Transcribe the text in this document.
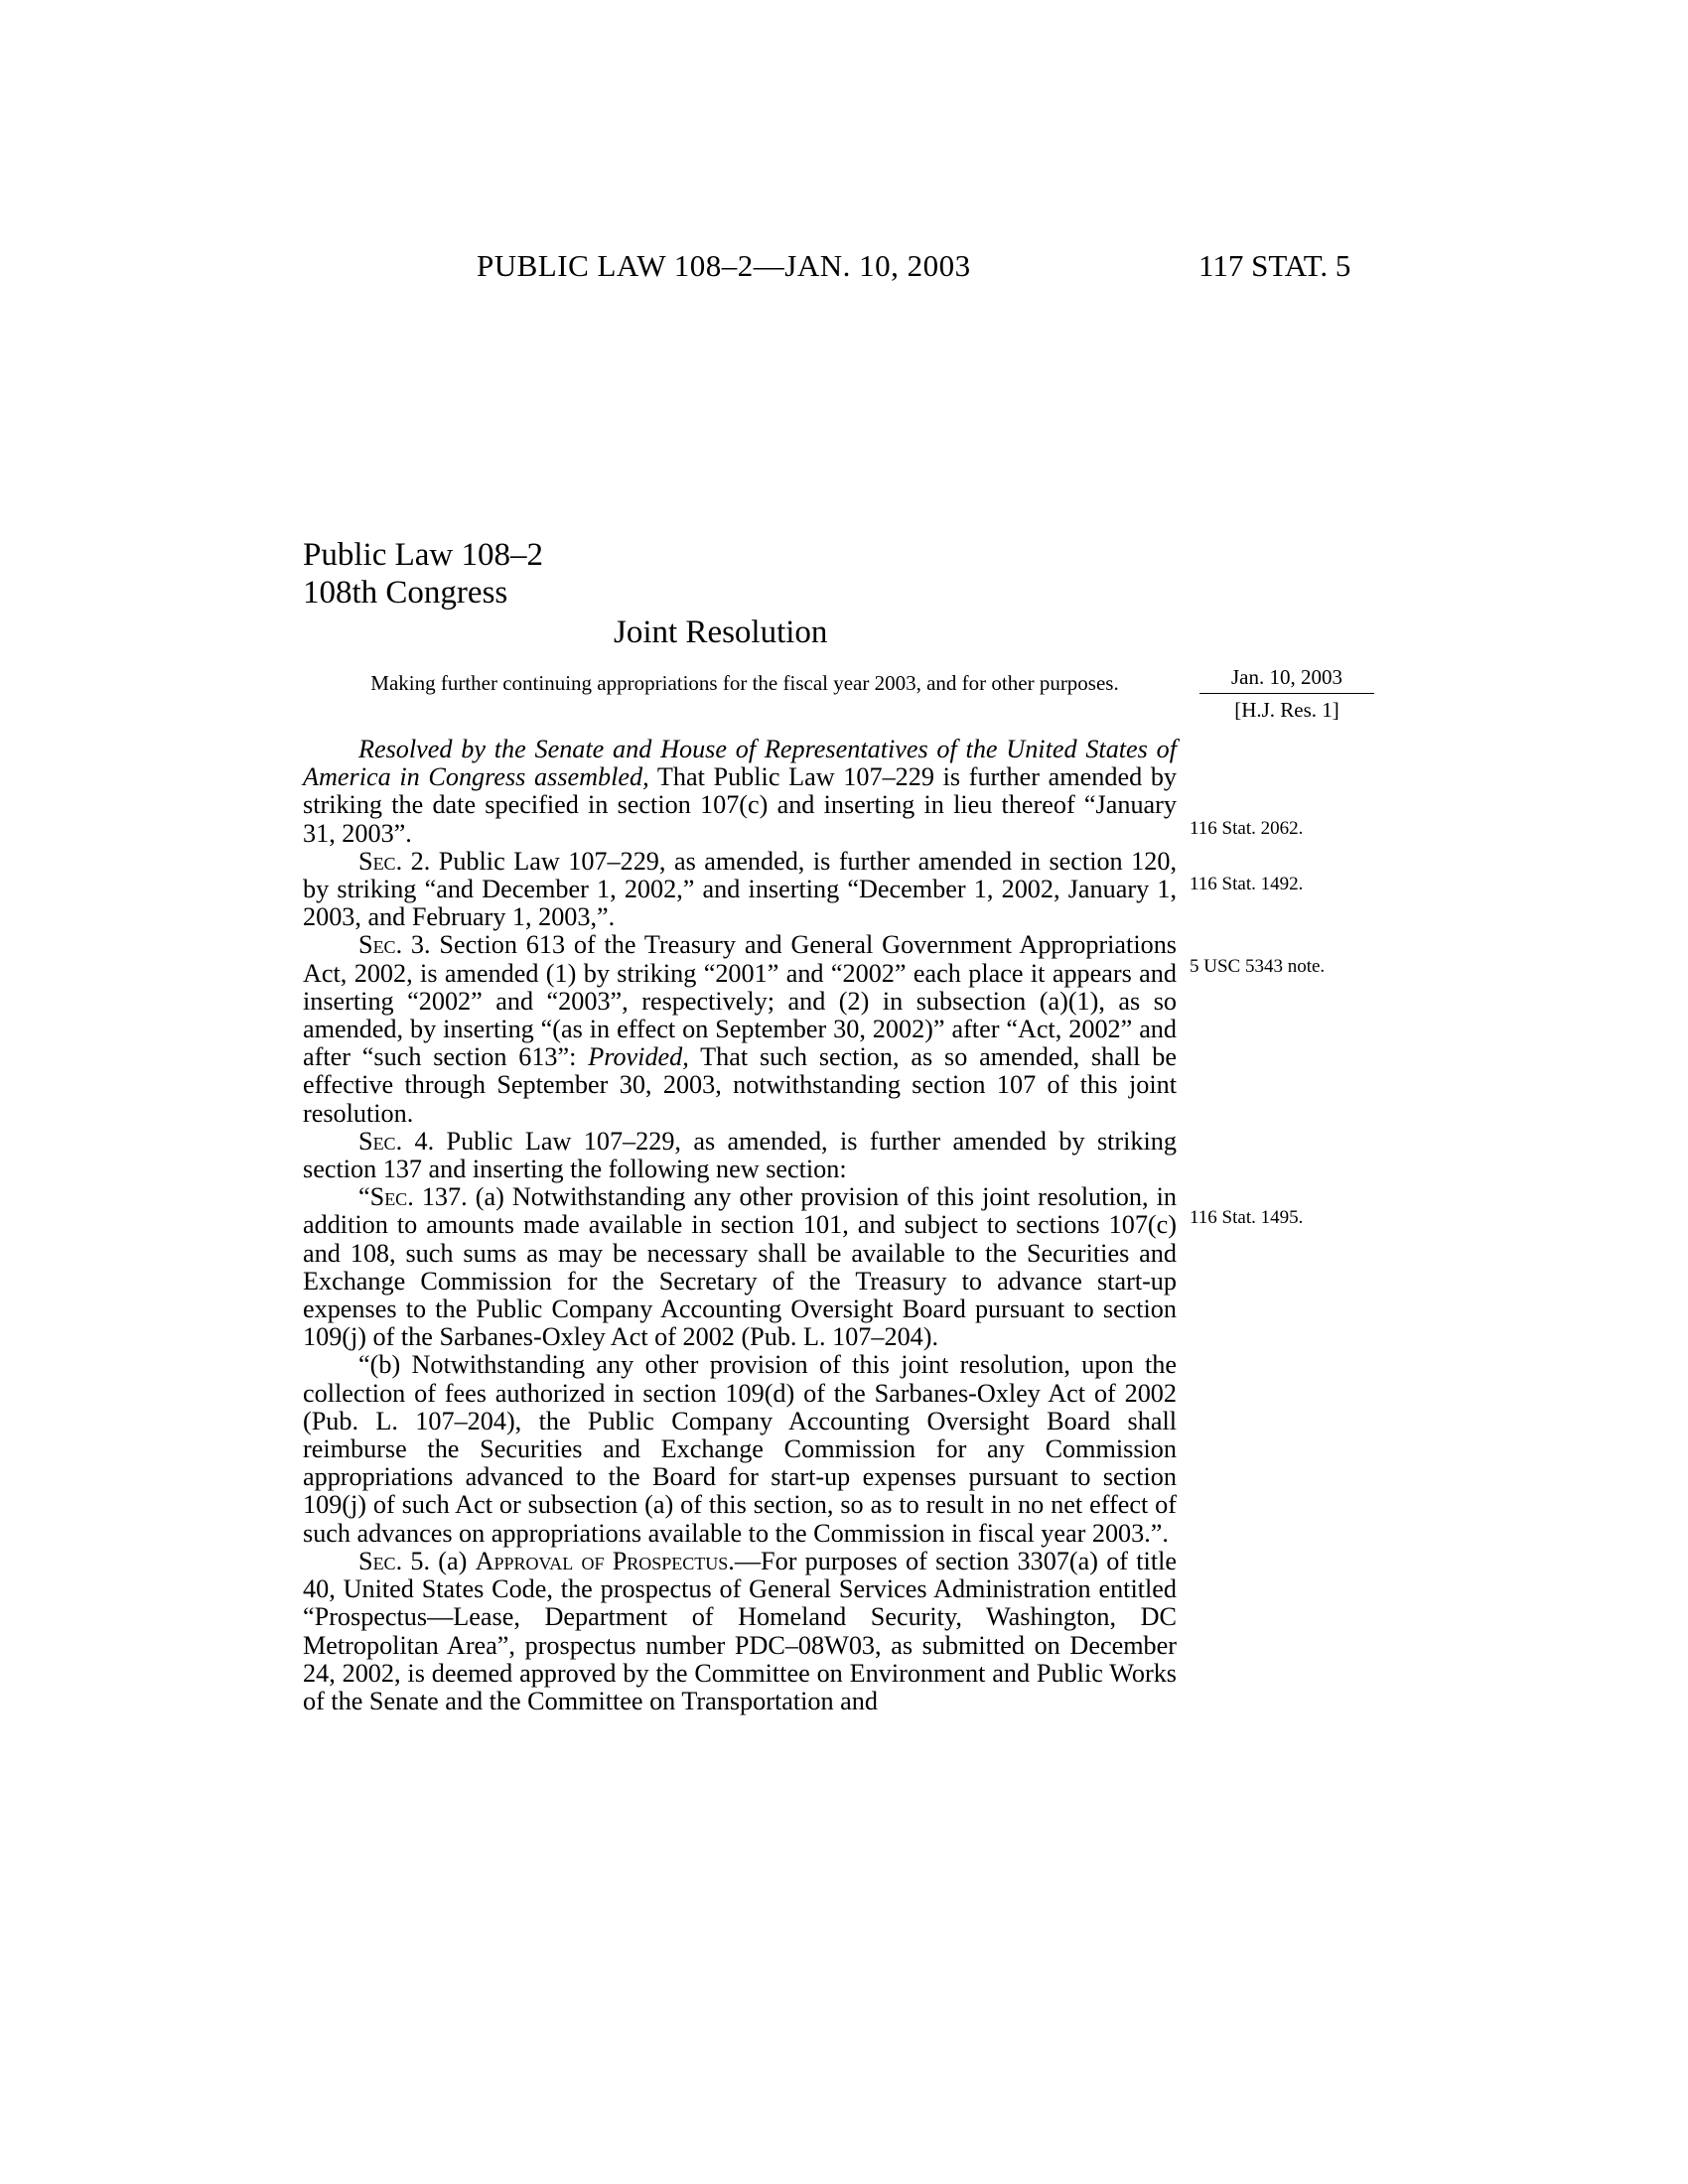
PUBLIC LAW 108–2—JAN. 10, 2003	117 STAT. 5
Public Law 108–2
108th Congress
Joint Resolution
Making further continuing appropriations for the fiscal year 2003, and for other purposes.	Jan. 10, 2003
[H.J. Res. 1]

Resolved by the Senate and House of Representatives of the United States of America in Congress assembled, That Public Law 107–229 is further amended by striking the date specified in section 107(c) and inserting in lieu thereof “January 31, 2003”.

Sec. 2. Public Law 107–229, as amended, is further amended in section 120, by striking “and December 1, 2002,” and inserting “December 1, 2002, January 1, 2003, and February 1, 2003,”.

Sec. 3. Section 613 of the Treasury and General Government Appropriations Act, 2002, is amended (1) by striking “2001” and “2002” each place it appears and inserting “2002” and “2003”, respectively; and (2) in subsection (a)(1), as so amended, by inserting “(as in effect on September 30, 2002)” after “Act, 2002” and after “such section 613”: Provided, That such section, as so amended, shall be effective through September 30, 2003, notwithstanding section 107 of this joint resolution.

Sec. 4. Public Law 107–229, as amended, is further amended by striking section 137 and inserting the following new section:

“Sec. 137. (a) Notwithstanding any other provision of this joint resolution, in addition to amounts made available in section 101, and subject to sections 107(c) and 108, such sums as may be necessary shall be available to the Securities and Exchange Commission for the Secretary of the Treasury to advance start-up expenses to the Public Company Accounting Oversight Board pursuant to section 109(j) of the Sarbanes-Oxley Act of 2002 (Pub. L. 107–204).

“(b) Notwithstanding any other provision of this joint resolution, upon the collection of fees authorized in section 109(d) of the Sarbanes-Oxley Act of 2002 (Pub. L. 107–204), the Public Company Accounting Oversight Board shall reimburse the Securities and Exchange Commission for any Commission appropriations advanced to the Board for start-up expenses pursuant to section 109(j) of such Act or subsection (a) of this section, so as to result in no net effect of such advances on appropriations available to the Commission in fiscal year 2003.”.

Sec. 5. (a) Approval of Prospectus.—For purposes of section 3307(a) of title 40, United States Code, the prospectus of General Services Administration entitled “Prospectus—Lease, Department of Homeland Security, Washington, DC Metropolitan Area”, prospectus number PDC–08W03, as submitted on December 24, 2002, is deemed approved by the Committee on Environment and Public Works of the Senate and the Committee on Transportation and

116 Stat. 2062.
116 Stat. 1492.
5 USC 5343 note.
116 Stat. 1495.
